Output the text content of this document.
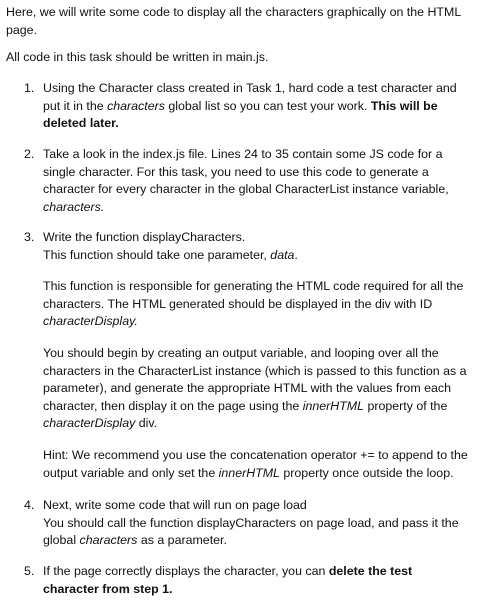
Here, we will write some code to display all the characters graphically on the HTML
page.
All code in this task should be written in main.js.
1. Using the Character class created in Task 1, hard code a test character and
put it in the characters global list so you can test your work. This will be
deleted later.
2. Take a look in the index.js file. Lines 24 to 35 contain some JS code for a
single character. For this task, you need to use this code to generate a
character for every character in the global CharacterList instance variable,
characters.
3. Write the function displayCharacters.
This function should take one parameter, data.
This function is responsible for generating the HTML code required for all the
characters. The HTML generated should be displayed in the div with ID
characterDisplay.
You should begin by creating an output variable, and looping over all the
characters in the CharacterList instance (which is passed to this function as a
parameter), and generate the appropriate HTML with the values from each
character, then display it on the page using the innerHTML property of the
characterDisplay div.
Hint: We recommend you use the concatenation operator += to append to the
output variable and only set the innerHTML property once outside the loop.
4. Next, write some code that will run on page load
You should call the function displayCharacters on page load, and pass it the
global characters as a parameter.
5. If the page correctly displays the character, you can delete the test
character from step 1.
